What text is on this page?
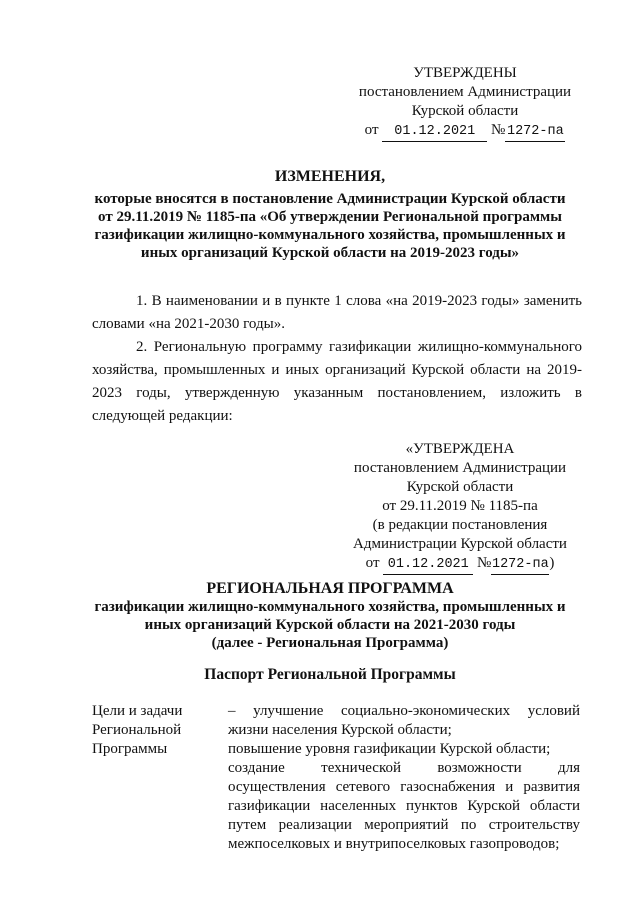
УТВЕРЖДЕНЫ
постановлением Администрации
Курской области
от 01.12.2021 № 1272-па
ИЗМЕНЕНИЯ,
которые вносятся в постановление Администрации Курской области
от 29.11.2019 № 1185-па «Об утверждении Региональной программы
газификации жилищно-коммунального хозяйства, промышленных и
иных организаций Курской области на 2019-2023 годы»
1. В наименовании и в пункте 1 слова «на 2019-2023 годы» заменить словами «на 2021-2030 годы».
2. Региональную программу газификации жилищно-коммунального хозяйства, промышленных и иных организаций Курской области на 2019-2023 годы, утвержденную указанным постановлением, изложить в следующей редакции:
«УТВЕРЖДЕНА
постановлением Администрации
Курской области
от 29.11.2019 № 1185-па
(в редакции постановления
Администрации Курской области
от 01.12.2021 №1272-па)
РЕГИОНАЛЬНАЯ ПРОГРАММА
газификации жилищно-коммунального хозяйства, промышленных и
иных организаций Курской области на 2021-2030 годы
(далее - Региональная Программа)
Паспорт Региональной Программы
Цели и задачи
Региональной
Программы
– улучшение социально-экономических условий
жизни населения Курской области;
повышение уровня газификации Курской области;
создание технической возможности для
осуществления сетевого газоснабжения и развития
газификации населенных пунктов Курской области
путем реализации мероприятий по строительству
межпоселковых и внутрипоселковых газопроводов;
